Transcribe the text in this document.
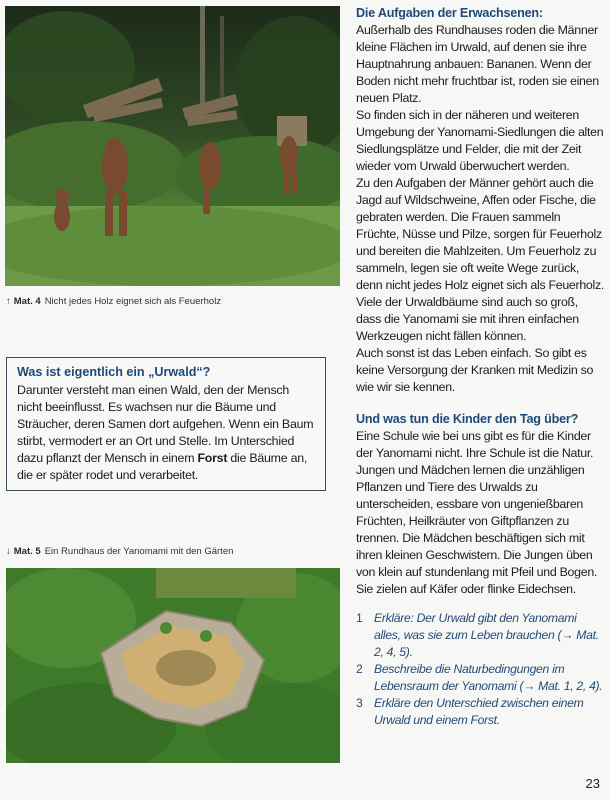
↑ Mat. 4 Nicht jedes Holz eignet sich als Feuerholz
Was ist eigentlich ein „Urwald“?

Darunter versteht man einen Wald, den der Mensch nicht beeinflusst. Es wachsen nur die Bäume und Sträucher, deren Samen dort aufgehen. Wenn ein Baum stirbt, vermodert er an Ort und Stelle. Im Unterschied dazu pflanzt der Mensch in einem Forst die Bäume an, die er später rodet und verarbeitet.

↓ Mat. 5 Ein Rundhaus der Yanomami mit den Gärten
Die Aufgaben der Erwachsenen:

Außerhalb des Rundhauses roden die Männer kleine Flächen im Urwald, auf denen sie ihre Hauptnahrung anbauen: Bananen. Wenn der Boden nicht mehr fruchtbar ist, roden sie einen neuen Platz.

So finden sich in der näheren und weiteren Umgebung der Yanomami-Siedlungen die alten Siedlungsplätze und Felder, die mit der Zeit wieder vom Urwald überwuchert werden.

Zu den Aufgaben der Männer gehört auch die Jagd auf Wildschweine, Affen oder Fische, die gebraten werden. Die Frauen sammeln Früchte, Nüsse und Pilze, sorgen für Feuerholz und bereiten die Mahlzeiten. Um Feuerholz zu sammeln, legen sie oft weite Wege zurück, denn nicht jedes Holz eignet sich als Feuerholz. Viele der Urwaldbäume sind auch so groß, dass die Yanomami sie mit ihren einfachen Werkzeugen nicht fällen können.

Auch sonst ist das Leben einfach. So gibt es keine Versorgung der Kranken mit Medizin so wie wir sie kennen.

Und was tun die Kinder den Tag über?

Eine Schule wie bei uns gibt es für die Kinder der Yanomami nicht. Ihre Schule ist die Natur. Jungen und Mädchen lernen die unzähligen Pflanzen und Tiere des Urwalds zu unterscheiden, essbare von ungenießbaren Früchten, Heilkräuter von Giftpflanzen zu trennen. Die Mädchen beschäftigen sich mit ihren kleinen Geschwistern. Die Jungen üben von klein auf stundenlang mit Pfeil und Bogen. Sie zielen auf Käfer oder flinke Eidechsen.

1 Erkläre: Der Urwald gibt den Yanomami alles, was sie zum Leben brauchen (→ Mat. 2, 4, 5).
2 Beschreibe die Naturbedingungen im Lebensraum der Yanomami (→ Mat. 1, 2, 4).
3 Erkläre den Unterschied zwischen einem Urwald und einem Forst.
23
